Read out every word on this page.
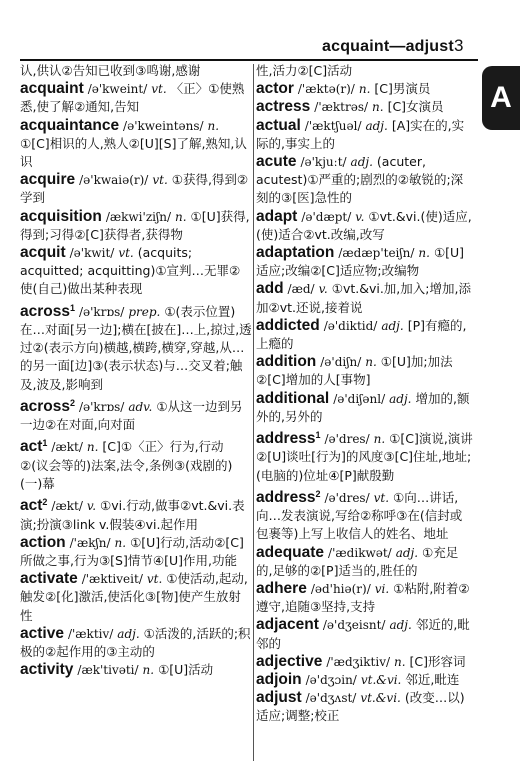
acquaint—adjust 3
A

认,供认②告知已收到③鸣谢,感谢

acquaint /ə'kweint/ vt. 〈正〉①使熟悉,使了解②通知,告知

acquaintance /ə'kweintəns/ n. ①[C]相识的人,熟人②[U][S]了解,熟知,认识

acquire /ə'kwaiə(r)/ vt. ①获得,得到②学到

acquisition /ækwi'ziʃn/ n. ①[U]获得,得到;习得②[C]获得者,获得物

acquit /ə'kwit/ vt. (acquits; acquitted; acquitting)①宣判…无罪②使(自己)做出某种表现

across$^1$ /ə'krɒs/ prep. ①(表示位置)在…对面[另一边];横在[披在]…上,掠过,透过②(表示方向)横越,横跨,横穿,穿越,从…的另一面[边]③(表示状态)与…交叉着;触及,波及,影响到

across$^2$ /ə'krɒs/ adv. ①从这一边到另一边②在对面,向对面

act$^1$ /ækt/ n. [C]①〈正〉行为,行动②(议会等的)法案,法令,条例③(戏剧的)(一)幕

act$^2$ /ækt/ v. ①vi.行动,做事②vt.&vi.表演;扮演③link v.假装④vi.起作用

action /'ækʃn/ n. ①[U]行动,活动②[C]所做之事,行为③[S]情节④[U]作用,功能

activate /'æktiveit/ vt. ①使活动,起动,触发②[化]激活,使活化③[物]使产生放射性

active /'æktiv/ adj. ①活泼的,活跃的;积极的②起作用的③主动的

activity /æk'tivəti/ n. ①[U]活动

性,活力②[C]活动

actor /'æktə(r)/ n. [C]男演员

actress /'æktrəs/ n. [C]女演员

actual /'æktʃuəl/ adj. [A]实在的,实际的,事实上的

acute /ə'kjuːt/ adj. (acuter, acutest)①严重的;剧烈的②敏锐的;深刻的③[医]急性的

adapt /ə'dæpt/ v. ①vt.&vi.(使)适应,(使)适合②vt.改编,改写

adaptation /ædæp'teiʃn/ n. ①[U]适应;改编②[C]适应物;改编物

add /æd/ v. ①vt.&vi.加,加入;增加,添加②vt.还说,接着说

addicted /ə'diktid/ adj. [P]有瘾的,上瘾的

addition /ə'diʃn/ n. ①[U]加;加法②[C]增加的人[事物]

additional /ə'diʃənl/ adj. 增加的,额外的,另外的

address$^1$ /ə'dres/ n. ①[C]演说,演讲②[U]谈吐[行为]的风度③[C]住址,地址;(电脑的)位址④[P]献殷勤

address$^2$ /ə'dres/ vt. ①向…讲话,向…发表演说,写给②称呼③在(信封或包裹等)上写上收信人的姓名、地址

adequate /'ædikwət/ adj. ①充足的,足够的②[P]适当的,胜任的

adhere /əd'hiə(r)/ vi. ①粘附,附着②遵守,追随③坚持,支持

adjacent /ə'dʒeisnt/ adj. 邻近的,毗邻的

adjective /'ædʒiktiv/ n. [C]形容词

adjoin /ə'dʒɔin/ vt.&vi. 邻近,毗连

adjust /ə'dʒʌst/ vt.&vi. (改变…以)适应;调整;校正
